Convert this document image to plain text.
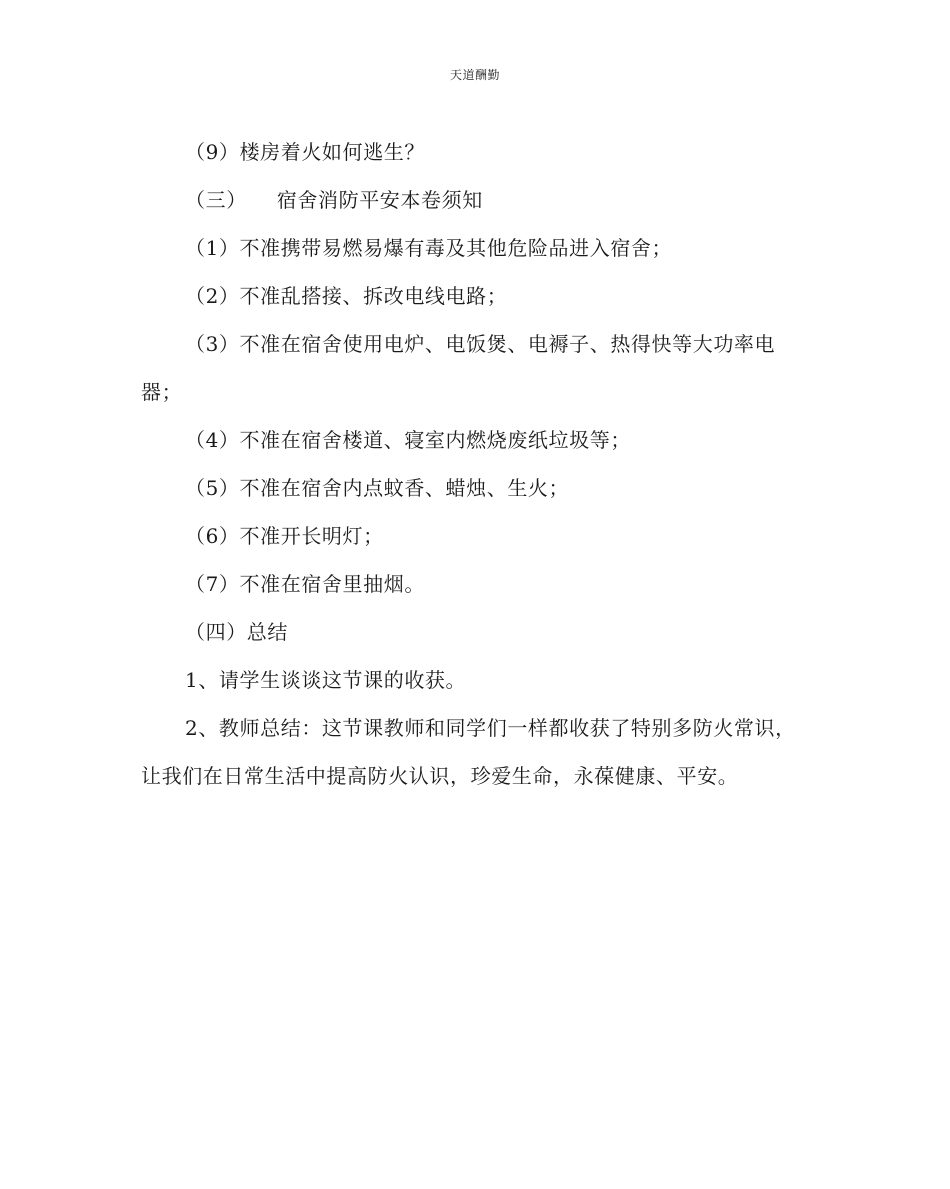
天道酬勤

（9）楼房着火如何逃生？

（三） 宿舍消防平安本卷须知

（1）不准携带易燃易爆有毒及其他危险品进入宿舍；

（2）不准乱搭接、拆改电线电路；

（3）不准在宿舍使用电炉、电饭煲、电褥子、热得快等大功率电器；

（4）不准在宿舍楼道、寝室内燃烧废纸垃圾等；

（5）不准在宿舍内点蚊香、蜡烛、生火；

（6）不准开长明灯；

（7）不准在宿舍里抽烟。

（四）总结

1、请学生谈谈这节课的收获。

2、教师总结：这节课教师和同学们一样都收获了特别多防火常识，让我们在日常生活中提高防火认识，珍爱生命，永葆健康、平安。
